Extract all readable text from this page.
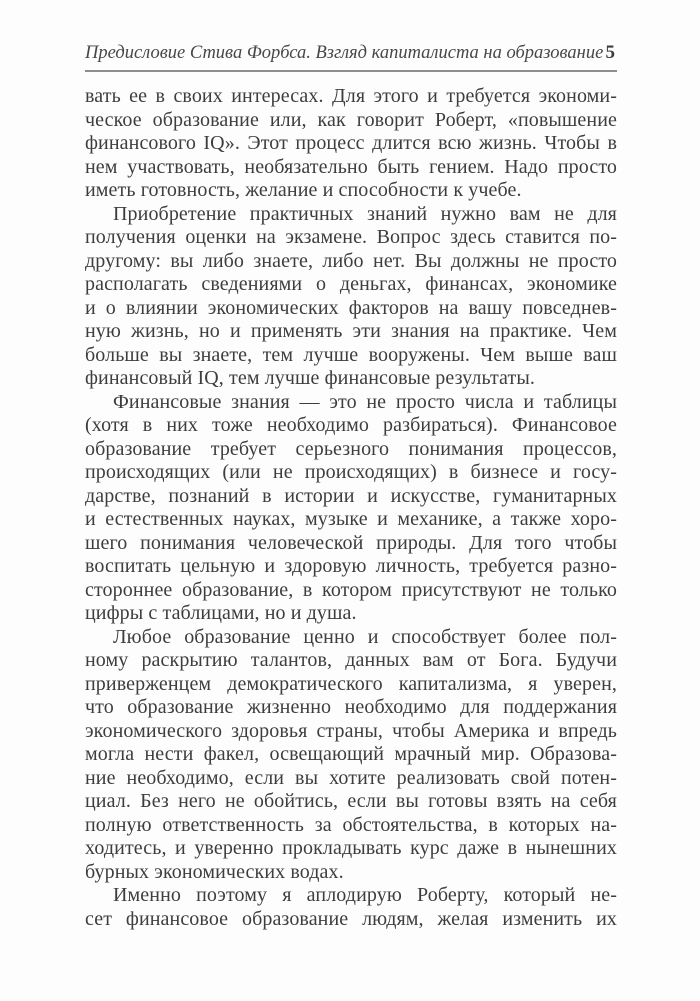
Предисловие Стива Форбса. Взгляд капиталиста на образование 5
вать ее в своих интересах. Для этого и требуется экономи-
ческое образование или, как говорит Роберт, «повышение
финансового IQ». Этот процесс длится всю жизнь. Чтобы в
нем участвовать, необязательно быть гением. Надо просто
иметь готовность, желание и способности к учебе.
Приобретение практичных знаний нужно вам не для
получения оценки на экзамене. Вопрос здесь ставится по-
другому: вы либо знаете, либо нет. Вы должны не просто
располагать сведениями о деньгах, финансах, экономике
и о влиянии экономических факторов на вашу повседнев-
ную жизнь, но и применять эти знания на практике. Чем
больше вы знаете, тем лучше вооружены. Чем выше ваш
финансовый IQ, тем лучше финансовые результаты.
Финансовые знания — это не просто числа и таблицы
(хотя в них тоже необходимо разбираться). Финансовое
образование требует серьезного понимания процессов,
происходящих (или не происходящих) в бизнесе и госу-
дарстве, познаний в истории и искусстве, гуманитарных
и естественных науках, музыке и механике, а также хоро-
шего понимания человеческой природы. Для того чтобы
воспитать цельную и здоровую личность, требуется разно-
стороннее образование, в котором присутствуют не только
цифры с таблицами, но и душа.
Любое образование ценно и способствует более пол-
ному раскрытию талантов, данных вам от Бога. Будучи
приверженцем демократического капитализма, я уверен,
что образование жизненно необходимо для поддержания
экономического здоровья страны, чтобы Америка и впредь
могла нести факел, освещающий мрачный мир. Образова-
ние необходимо, если вы хотите реализовать свой потен-
циал. Без него не обойтись, если вы готовы взять на себя
полную ответственность за обстоятельства, в которых на-
ходитесь, и уверенно прокладывать курс даже в нынешних
бурных экономических водах.
Именно поэтому я аплодирую Роберту, который не-
сет финансовое образование людям, желая изменить их
